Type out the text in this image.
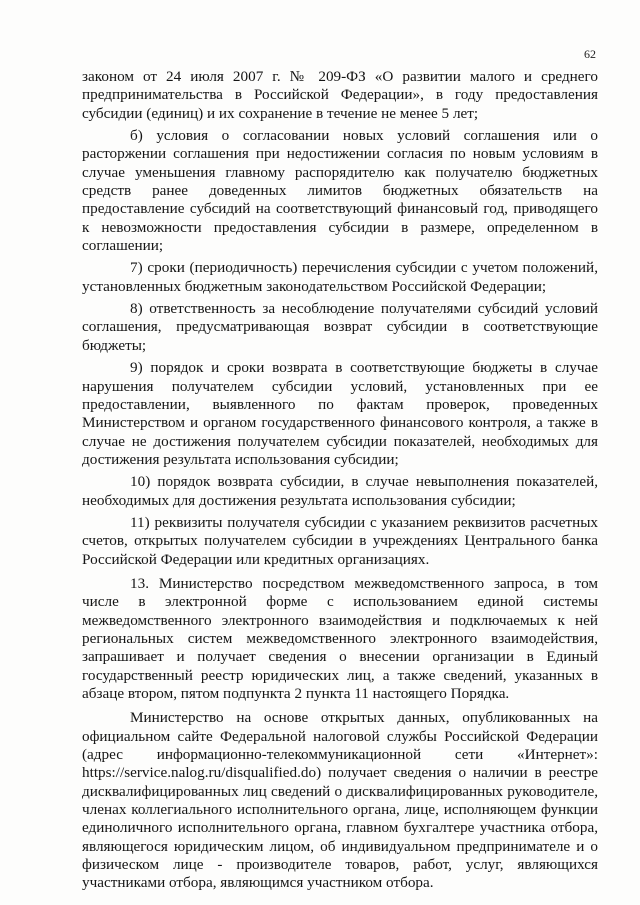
62

законом от 24 июля 2007 г. № 209-ФЗ «О развитии малого и среднего предпринимательства в Российской Федерации», в году предоставления субсидии (единиц) и их сохранение в течение не менее 5 лет;

б) условия о согласовании новых условий соглашения или о расторжении соглашения при недостижении согласия по новым условиям в случае уменьшения главному распорядителю как получателю бюджетных средств ранее доведенных лимитов бюджетных обязательств на предоставление субсидий на соответствующий финансовый год, приводящего к невозможности предоставления субсидии в размере, определенном в соглашении;

7) сроки (периодичность) перечисления субсидии с учетом положений, установленных бюджетным законодательством Российской Федерации;

8) ответственность за несоблюдение получателями субсидий условий соглашения, предусматривающая возврат субсидии в соответствующие бюджеты;

9) порядок и сроки возврата в соответствующие бюджеты в случае нарушения получателем субсидии условий, установленных при ее предоставлении, выявленного по фактам проверок, проведенных Министерством и органом государственного финансового контроля, а также в случае не достижения получателем субсидии показателей, необходимых для достижения результата использования субсидии;

10) порядок возврата субсидии, в случае невыполнения показателей, необходимых для достижения результата использования субсидии;

11) реквизиты получателя субсидии с указанием реквизитов расчетных счетов, открытых получателем субсидии в учреждениях Центрального банка Российской Федерации или кредитных организациях.

13. Министерство посредством межведомственного запроса, в том числе в электронной форме с использованием единой системы межведомственного электронного взаимодействия и подключаемых к ней региональных систем межведомственного электронного взаимодействия, запрашивает и получает сведения о внесении организации в Единый государственный реестр юридических лиц, а также сведений, указанных в абзаце втором, пятом подпункта 2 пункта 11 настоящего Порядка.

Министерство на основе открытых данных, опубликованных на официальном сайте Федеральной налоговой службы Российской Федерации (адрес информационно-телекоммуникационной сети «Интернет»: https://service.nalog.ru/disqualified.do) получает сведения о наличии в реестре дисквалифицированных лиц сведений о дисквалифицированных руководителе, членах коллегиального исполнительного органа, лице, исполняющем функции единоличного исполнительного органа, главном бухгалтере участника отбора, являющегося юридическим лицом, об индивидуальном предпринимателе и о физическом лице - производителе товаров, работ, услуг, являющихся участниками отбора, являющимся участником отбора.
